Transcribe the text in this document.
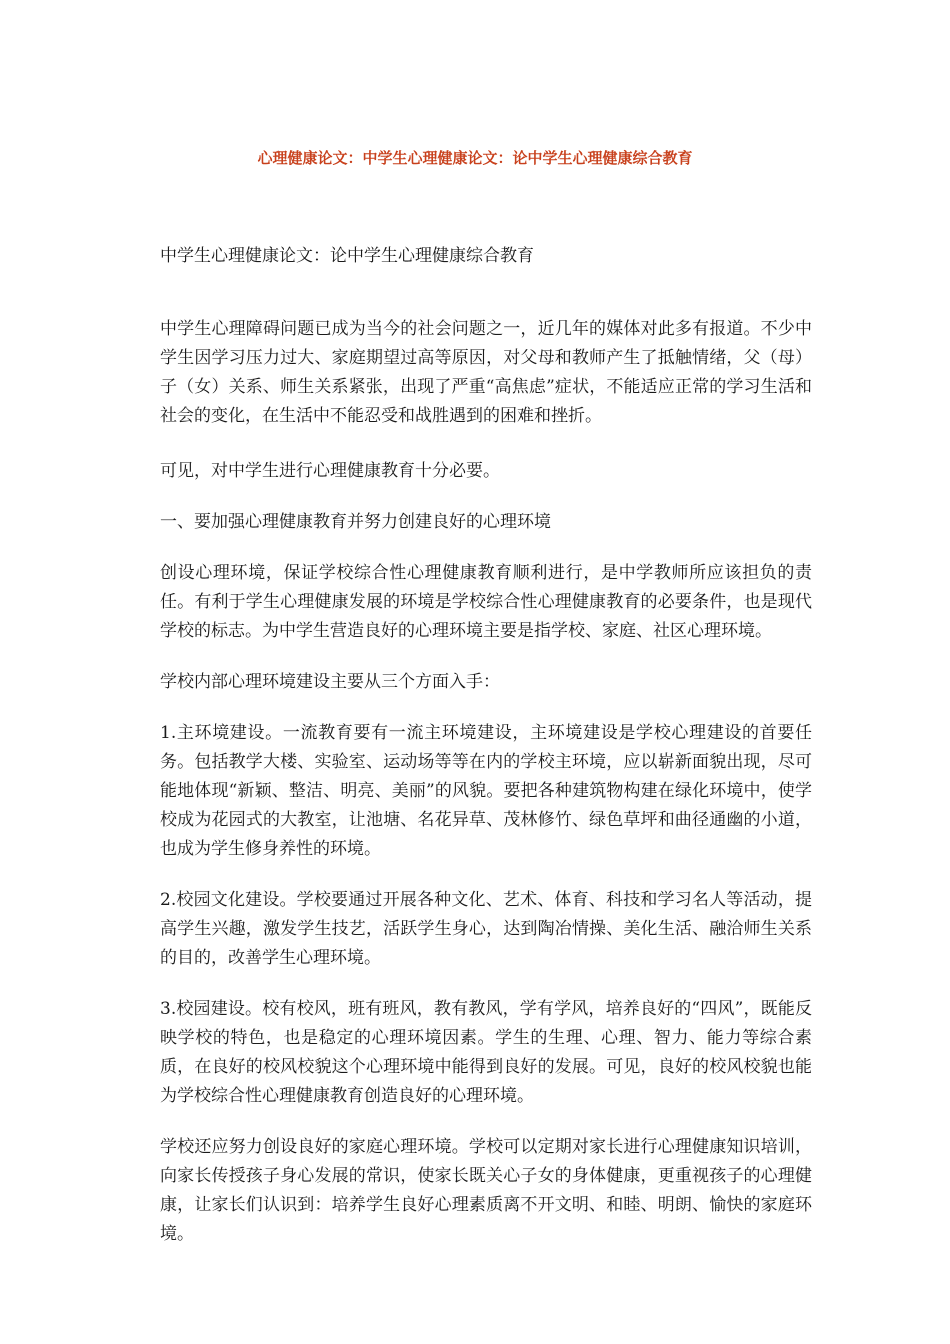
心理健康论文：中学生心理健康论文：论中学生心理健康综合教育
中学生心理健康论文：论中学生心理健康综合教育

中学生心理障碍问题已成为当今的社会问题之一，近几年的媒体对此多有报道。不少中学生因学习压力过大、家庭期望过高等原因，对父母和教师产生了抵触情绪，父（母）子（女）关系、师生关系紧张，出现了严重“高焦虑”症状，不能适应正常的学习生活和社会的变化，在生活中不能忍受和战胜遇到的困难和挫折。

可见，对中学生进行心理健康教育十分必要。

一、要加强心理健康教育并努力创建良好的心理环境

创设心理环境，保证学校综合性心理健康教育顺利进行，是中学教师所应该担负的责任。有利于学生心理健康发展的环境是学校综合性心理健康教育的必要条件，也是现代学校的标志。为中学生营造良好的心理环境主要是指学校、家庭、社区心理环境。

学校内部心理环境建设主要从三个方面入手：

1.主环境建设。一流教育要有一流主环境建设，主环境建设是学校心理建设的首要任务。包括教学大楼、实验室、运动场等等在内的学校主环境，应以崭新面貌出现，尽可能地体现“新颖、整洁、明亮、美丽”的风貌。要把各种建筑物构建在绿化环境中，使学校成为花园式的大教室，让池塘、名花异草、茂林修竹、绿色草坪和曲径通幽的小道，也成为学生修身养性的环境。

2.校园文化建设。学校要通过开展各种文化、艺术、体育、科技和学习名人等活动，提高学生兴趣，激发学生技艺，活跃学生身心，达到陶冶情操、美化生活、融洽师生关系的目的，改善学生心理环境。

3.校园建设。校有校风，班有班风，教有教风，学有学风，培养良好的“四风”，既能反映学校的特色，也是稳定的心理环境因素。学生的生理、心理、智力、能力等综合素质，在良好的校风校貌这个心理环境中能得到良好的发展。可见，良好的校风校貌也能为学校综合性心理健康教育创造良好的心理环境。

学校还应努力创设良好的家庭心理环境。学校可以定期对家长进行心理健康知识培训，向家长传授孩子身心发展的常识，使家长既关心子女的身体健康，更重视孩子的心理健康，让家长们认识到：培养学生良好心理素质离不开文明、和睦、明朗、愉快的家庭环境。
